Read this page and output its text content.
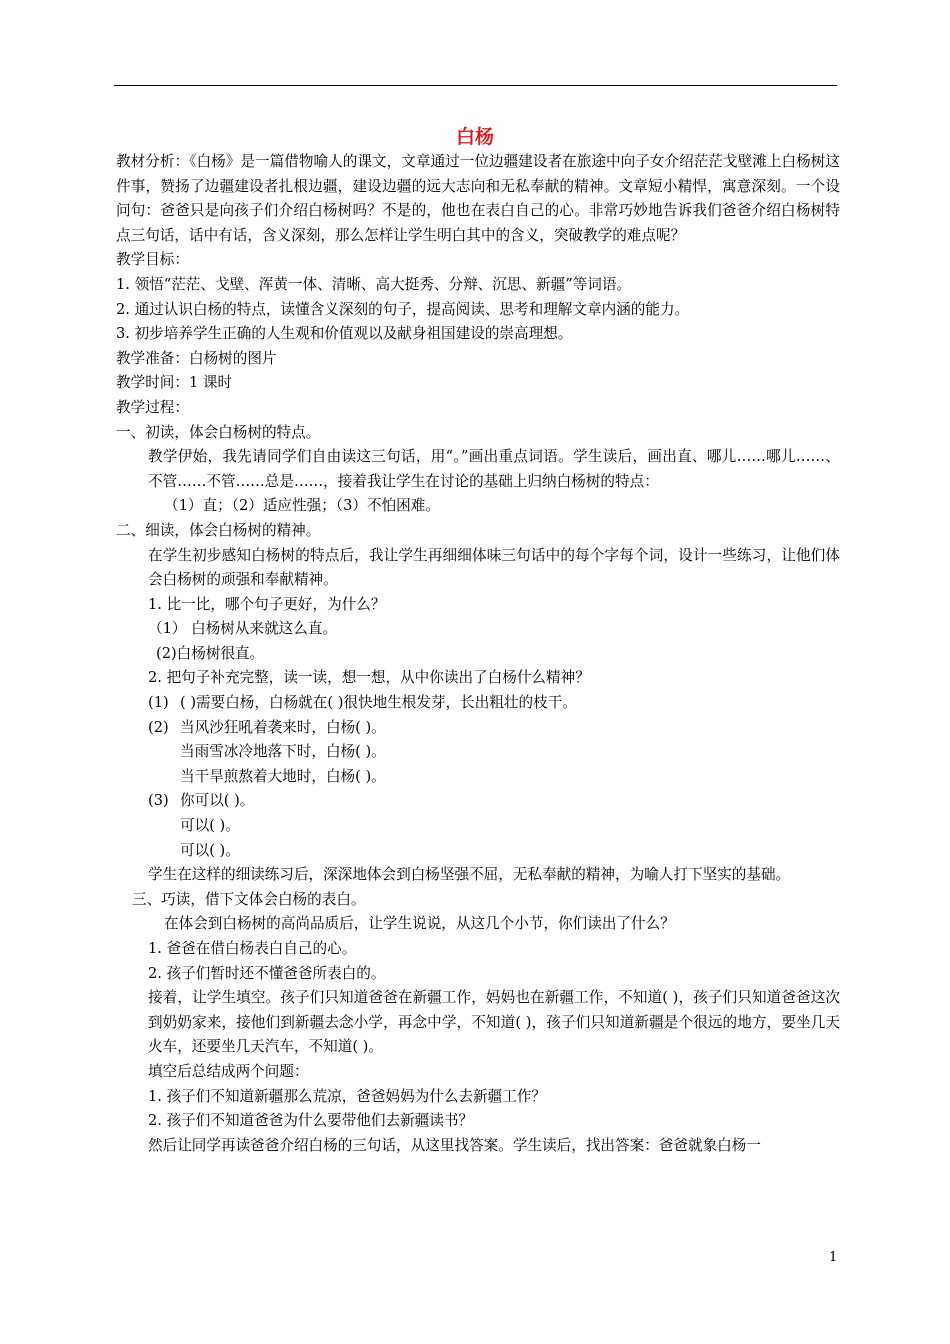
白杨

教材分析：《白杨》是一篇借物喻人的课文，文章通过一位边疆建设者在旅途中向子女介绍茫茫戈壁滩上白杨树这件事，赞扬了边疆建设者扎根边疆，建设边疆的远大志向和无私奉献的精神。文章短小精悍，寓意深刻。一个设问句：爸爸只是向孩子们介绍白杨树吗？不是的，他也在表白自己的心。非常巧妙地告诉我们爸爸介绍白杨树特点三句话，话中有话，含义深刻，那么怎样让学生明白其中的含义，突破教学的难点呢？

教学目标：

1. 领悟“茫茫、戈壁、浑黄一体、清晰、高大挺秀、分辩、沉思、新疆”等词语。

2. 通过认识白杨的特点，读懂含义深刻的句子，提高阅读、思考和理解文章内涵的能力。

3. 初步培养学生正确的人生观和价值观以及献身祖国建设的崇高理想。

教学准备：白杨树的图片

教学时间：1 课时

教学过程：

一、初读，体会白杨树的特点。

教学伊始，我先请同学们自由读这三句话，用“。”画出重点词语。学生读后，画出直、哪儿……哪儿……、不管……不管……总是……，接着我让学生在讨论的基础上归纳白杨树的特点：

（1）直；（2）适应性强；（3）不怕困难。

二、细读，体会白杨树的精神。

在学生初步感知白杨树的特点后，我让学生再细细体味三句话中的每个字每个词，设计一些练习，让他们体会白杨树的顽强和奉献精神。

1. 比一比，哪个句子更好，为什么？

（1） 白杨树从来就这么直。

(2)白杨树很直。

2. 把句子补充完整，读一读，想一想，从中你读出了白杨什么精神？

(1) ( )需要白杨，白杨就在( )很快地生根发芽，长出粗壮的枝干。

(2) 当风沙狂吼着袭来时，白杨( )。

当雨雪冰冷地落下时，白杨( )。

当干旱煎熬着大地时，白杨( )。

(3) 你可以( )。

可以( )。

可以( )。

学生在这样的细读练习后，深深地体会到白杨坚强不屈，无私奉献的精神，为喻人打下坚实的基础。

三、巧读，借下文体会白杨的表白。

在体会到白杨树的高尚品质后，让学生说说，从这几个小节，你们读出了什么？

1. 爸爸在借白杨表白自己的心。

2. 孩子们暂时还不懂爸爸所表白的。

接着，让学生填空。孩子们只知道爸爸在新疆工作，妈妈也在新疆工作，不知道( )，孩子们只知道爸爸这次到奶奶家来，接他们到新疆去念小学，再念中学，不知道( )，孩子们只知道新疆是个很远的地方，要坐几天火车，还要坐几天汽车，不知道( )。

填空后总结成两个问题：

1. 孩子们不知道新疆那么荒凉，爸爸妈妈为什么去新疆工作？

2. 孩子们不知道爸爸为什么要带他们去新疆读书？

然后让同学再读爸爸介绍白杨的三句话，从这里找答案。学生读后，找出答案：爸爸就象白杨一

1
